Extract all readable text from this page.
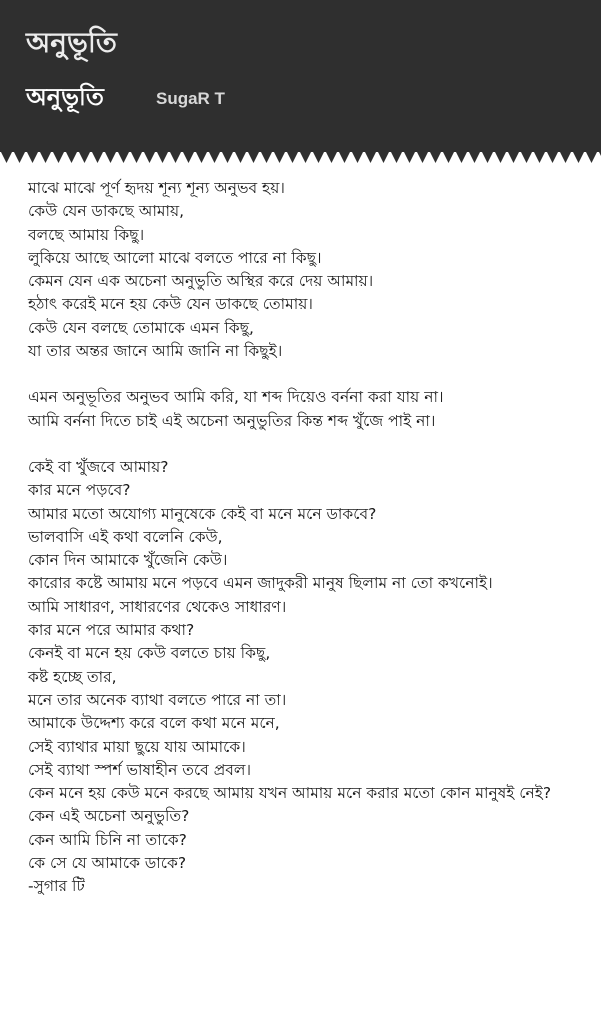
অনুভূতি
অনুভূতি	SugaR T
মাঝে মাঝে পূর্ণ হৃদয় শূন্য শূন্য অনুভব হয়।
কেউ যেন ডাকছে আমায়,
বলছে আমায় কিছু।
লুকিয়ে আছে আলো মাঝে বলতে পারে না কিছু।
কেমন যেন এক অচেনা অনুভুতি অস্থির করে দেয় আমায়।
হঠাৎ করেই মনে হয় কেউ যেন ডাকছে তোমায়।
কেউ যেন বলছে তোমাকে এমন কিছু,
যা তার অন্তর জানে আমি জানি না কিছুই।
এমন অনুভূতির অনুভব আমি করি, যা শব্দ দিয়েও বর্ননা করা যায় না।
আমি বর্ননা দিতে চাই এই অচেনা অনুভুতির কিন্ত শব্দ খুঁজে পাই না।
কেই বা খুঁজবে আমায়?
কার মনে পড়বে?
আমার মতো অযোগ্য মানুষেকে কেই বা মনে মনে ডাকবে?
ভালবাসি এই কথা বলেনি কেউ,
কোন দিন আমাকে খুঁজেনি কেউ।
কারোর কষ্টে আমায় মনে পড়বে এমন জাদুকরী মানুষ ছিলাম না তো কখনোই।
আমি সাধারণ, সাধারণের থেকেও সাধারণ।
কার মনে পরে আমার কথা?
কেনই বা মনে হয় কেউ বলতে চায় কিছু,
কষ্ট হচ্ছে তার,
মনে তার অনেক ব্যাথা বলতে পারে না তা।
আমাকে উদ্দেশ্য করে বলে কথা মনে মনে,
সেই ব্যাথার মায়া ছুয়ে যায় আমাকে।
সেই ব্যাথা স্পর্শ ভাষাহীন তবে প্রবল।
কেন মনে হয় কেউ মনে করছে আমায় যখন আমায় মনে করার মতো কোন মানুষই নেই?
কেন এই অচেনা অনুভুতি?
কেন আমি চিনি না তাকে?
কে সে যে আমাকে ডাকে?
-সুগার টি
